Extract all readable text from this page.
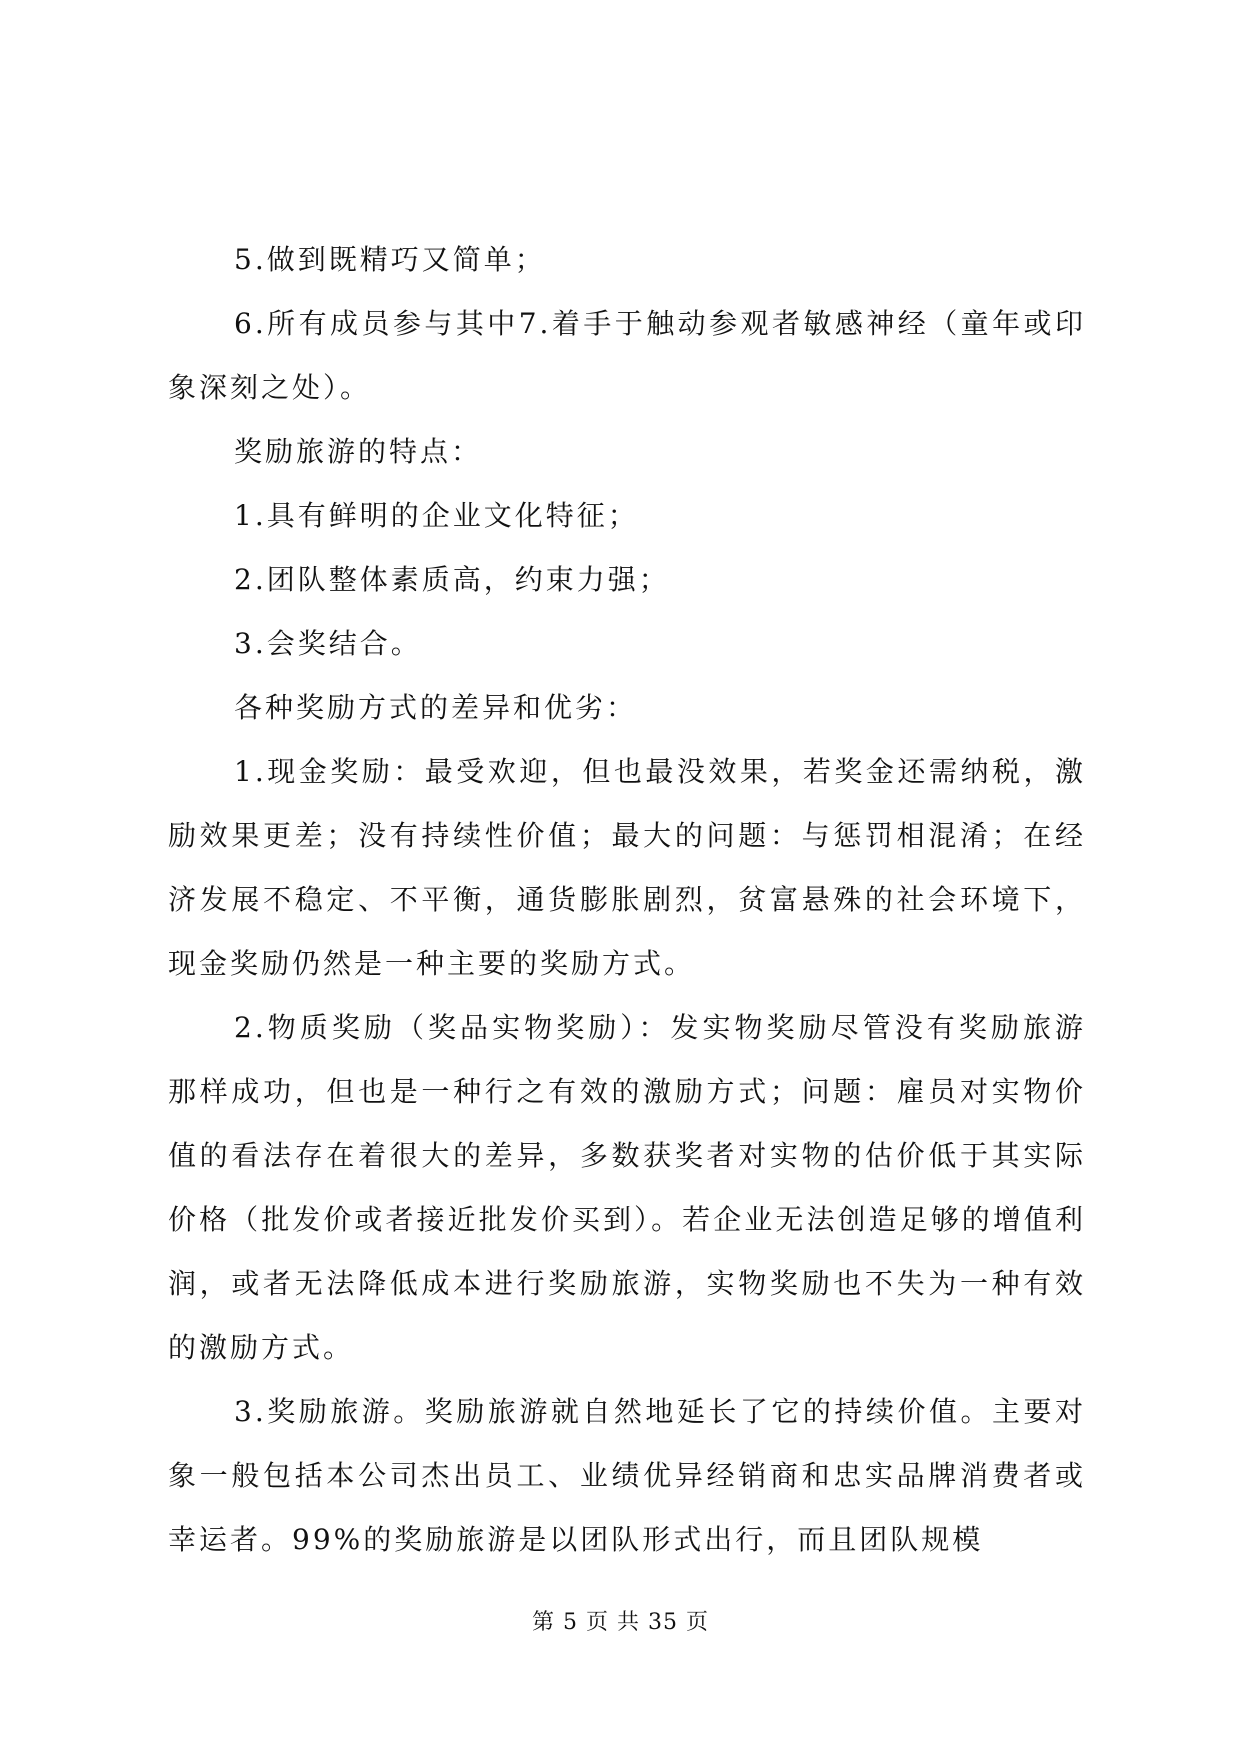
5.做到既精巧又简单；

6.所有成员参与其中7.着手于触动参观者敏感神经（童年或印象深刻之处）。

奖励旅游的特点：

1.具有鲜明的企业文化特征；

2.团队整体素质高，约束力强；

3.会奖结合。

各种奖励方式的差异和优劣：

1.现金奖励：最受欢迎，但也最没效果，若奖金还需纳税，激励效果更差；没有持续性价值；最大的问题：与惩罚相混淆；在经济发展不稳定、不平衡，通货膨胀剧烈，贫富悬殊的社会环境下，现金奖励仍然是一种主要的奖励方式。

2.物质奖励（奖品实物奖励）：发实物奖励尽管没有奖励旅游那样成功，但也是一种行之有效的激励方式；问题：雇员对实物价值的看法存在着很大的差异，多数获奖者对实物的估价低于其实际价格（批发价或者接近批发价买到）。若企业无法创造足够的增值利润，或者无法降低成本进行奖励旅游，实物奖励也不失为一种有效的激励方式。

3.奖励旅游。奖励旅游就自然地延长了它的持续价值。主要对象一般包括本公司杰出员工、业绩优异经销商和忠实品牌消费者或幸运者。99%的奖励旅游是以团队形式出行，而且团队规模

第 5 页 共 35 页
